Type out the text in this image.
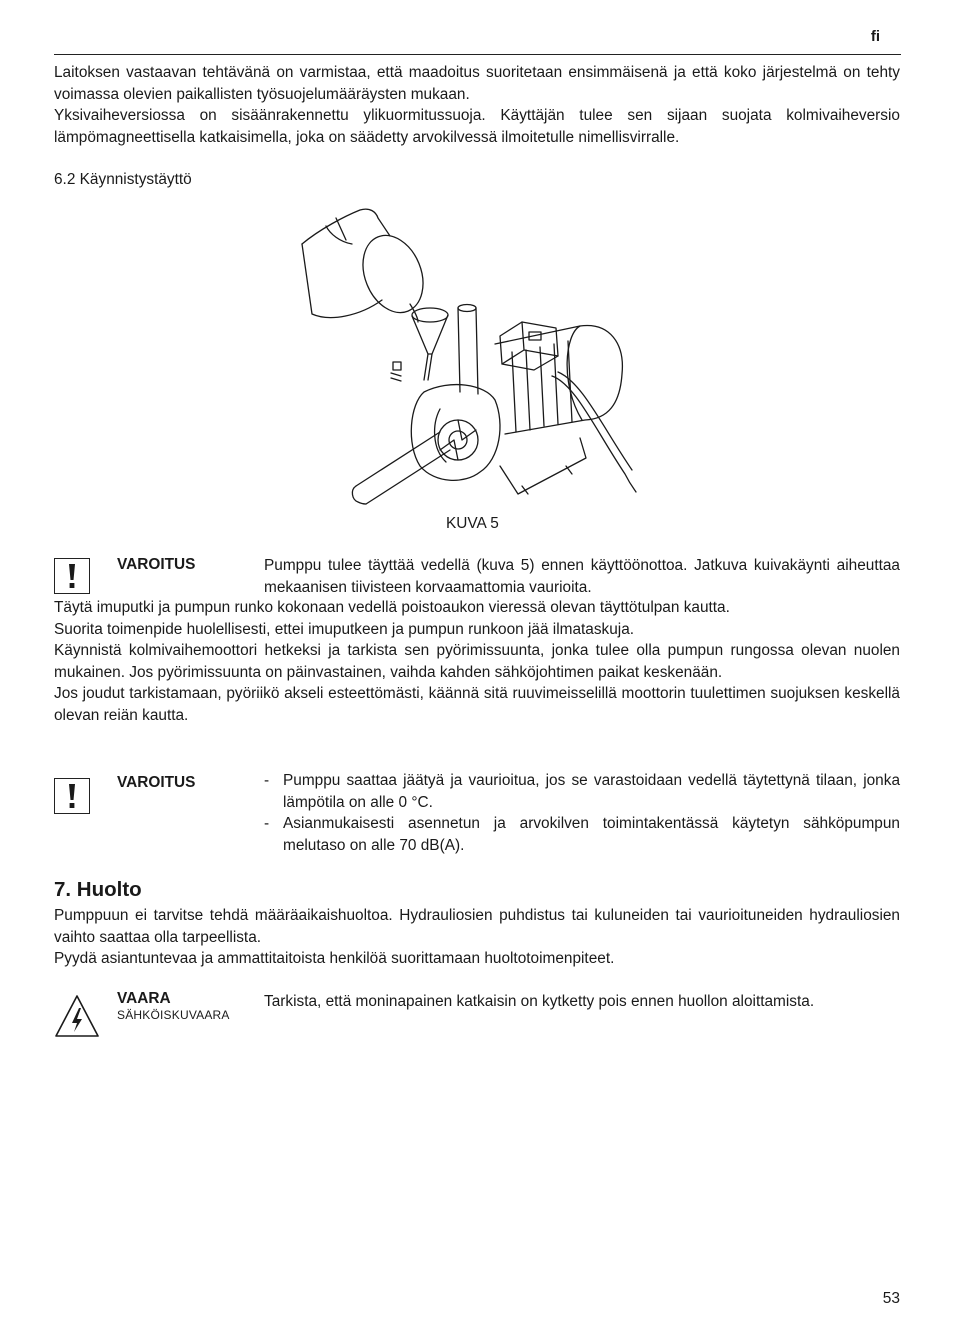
fi

Laitoksen vastaavan tehtävänä on varmistaa, että maadoitus suoritetaan ensimmäisenä ja että koko järjestelmä on tehty voimassa olevien paikallisten työsuojelumääräysten mukaan.

Yksivaiheversiossa on sisäänrakennettu ylikuormitussuoja. Käyttäjän tulee sen sijaan suojata kolmivaiheversio lämpömagneettisella katkaisimella, joka on säädetty arvokilvessä ilmoitetulle nimellisvirralle.

6.2 Käynnistystäyttö
KUVA 5
VAROITUS	Pumppu tulee täyttää vedellä (kuva 5) ennen käyttöönottoa. Jatkuva kuivakäynti aiheuttaa mekaanisen tiivisteen korvaamattomia vaurioita.

Täytä imuputki ja pumpun runko kokonaan vedellä poistoaukon vieressä olevan täyttötulpan kautta.

Suorita toimenpide huolellisesti, ettei imuputkeen ja pumpun runkoon jää ilmataskuja.

Käynnistä kolmivaihemoottori hetkeksi ja tarkista sen pyörimissuunta, jonka tulee olla pumpun rungossa olevan nuolen mukainen. Jos pyörimissuunta on päinvastainen, vaihda kahden sähköjohtimen paikat keskenään.

Jos joudut tarkistamaan, pyöriikö akseli esteettömästi, käännä sitä ruuvimeisselillä moottorin tuulettimen suojuksen keskellä olevan reiän kautta.

VAROITUS	- Pumppu saattaa jäätyä ja vaurioitua, jos se varastoidaan vedellä täytettynä tilaan, jonka lämpötila on alle 0 °C.
- Asianmukaisesti asennetun ja arvokilven toimintakentässä käytetyn sähköpumpun melutaso on alle 70 dB(A).
7. Huolto

Pumppuun ei tarvitse tehdä määräaikaishuoltoa. Hydrauliosien puhdistus tai kuluneiden tai vaurioituneiden hydrauliosien vaihto saattaa olla tarpeellista.

Pyydä asiantuntevaa ja ammattitaitoista henkilöä suorittamaan huoltotoimenpiteet.

VAARA
SÄHKÖISKUVAARA
Tarkista, että moninapainen katkaisin on kytketty pois ennen huollon aloittamista.
53
